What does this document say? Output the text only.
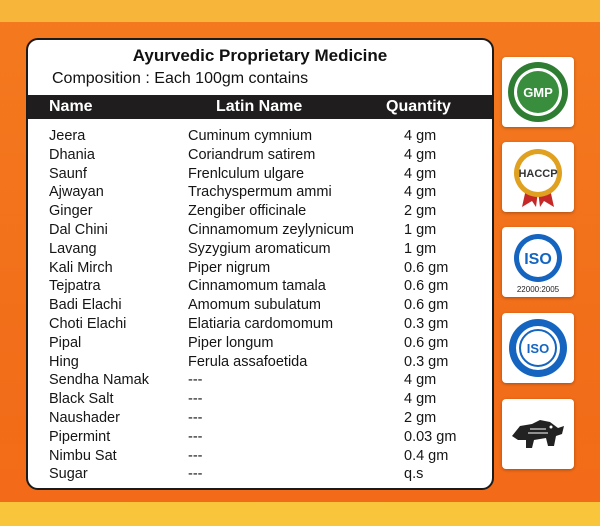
Ayurvedic Proprietary Medicine
Composition : Each 100gm contains
Name	Latin Name	Quantity
Jeera	Cuminum cymnium	4 gm
Dhania	Coriandrum satirem	4 gm
Saunf	Frenlculum ulgare	4 gm
Ajwayan	Trachyspermum ammi	4 gm
Ginger	Zengiber officinale	2 gm
Dal Chini	Cinnamomum zeylynicum	1 gm
Lavang	Syzygium aromaticum	1 gm
Kali Mirch	Piper nigrum	0.6 gm
Tejpatra	Cinnamomum tamala	0.6 gm
Badi Elachi	Amomum subulatum	0.6 gm
Choti Elachi	Elatiaria cardomomum	0.3 gm
Pipal	Piper longum	0.6 gm
Hing	Ferula assafoetida	0.3 gm
Sendha Namak	---	4 gm
Black Salt	---	4 gm
Naushader	---	2 gm
Pipermint	---	0.03 gm
Nimbu Sat	---	0.4 gm
Sugar	---	q.s
GMP
HACCP
ISO
22000:2005
ISO
